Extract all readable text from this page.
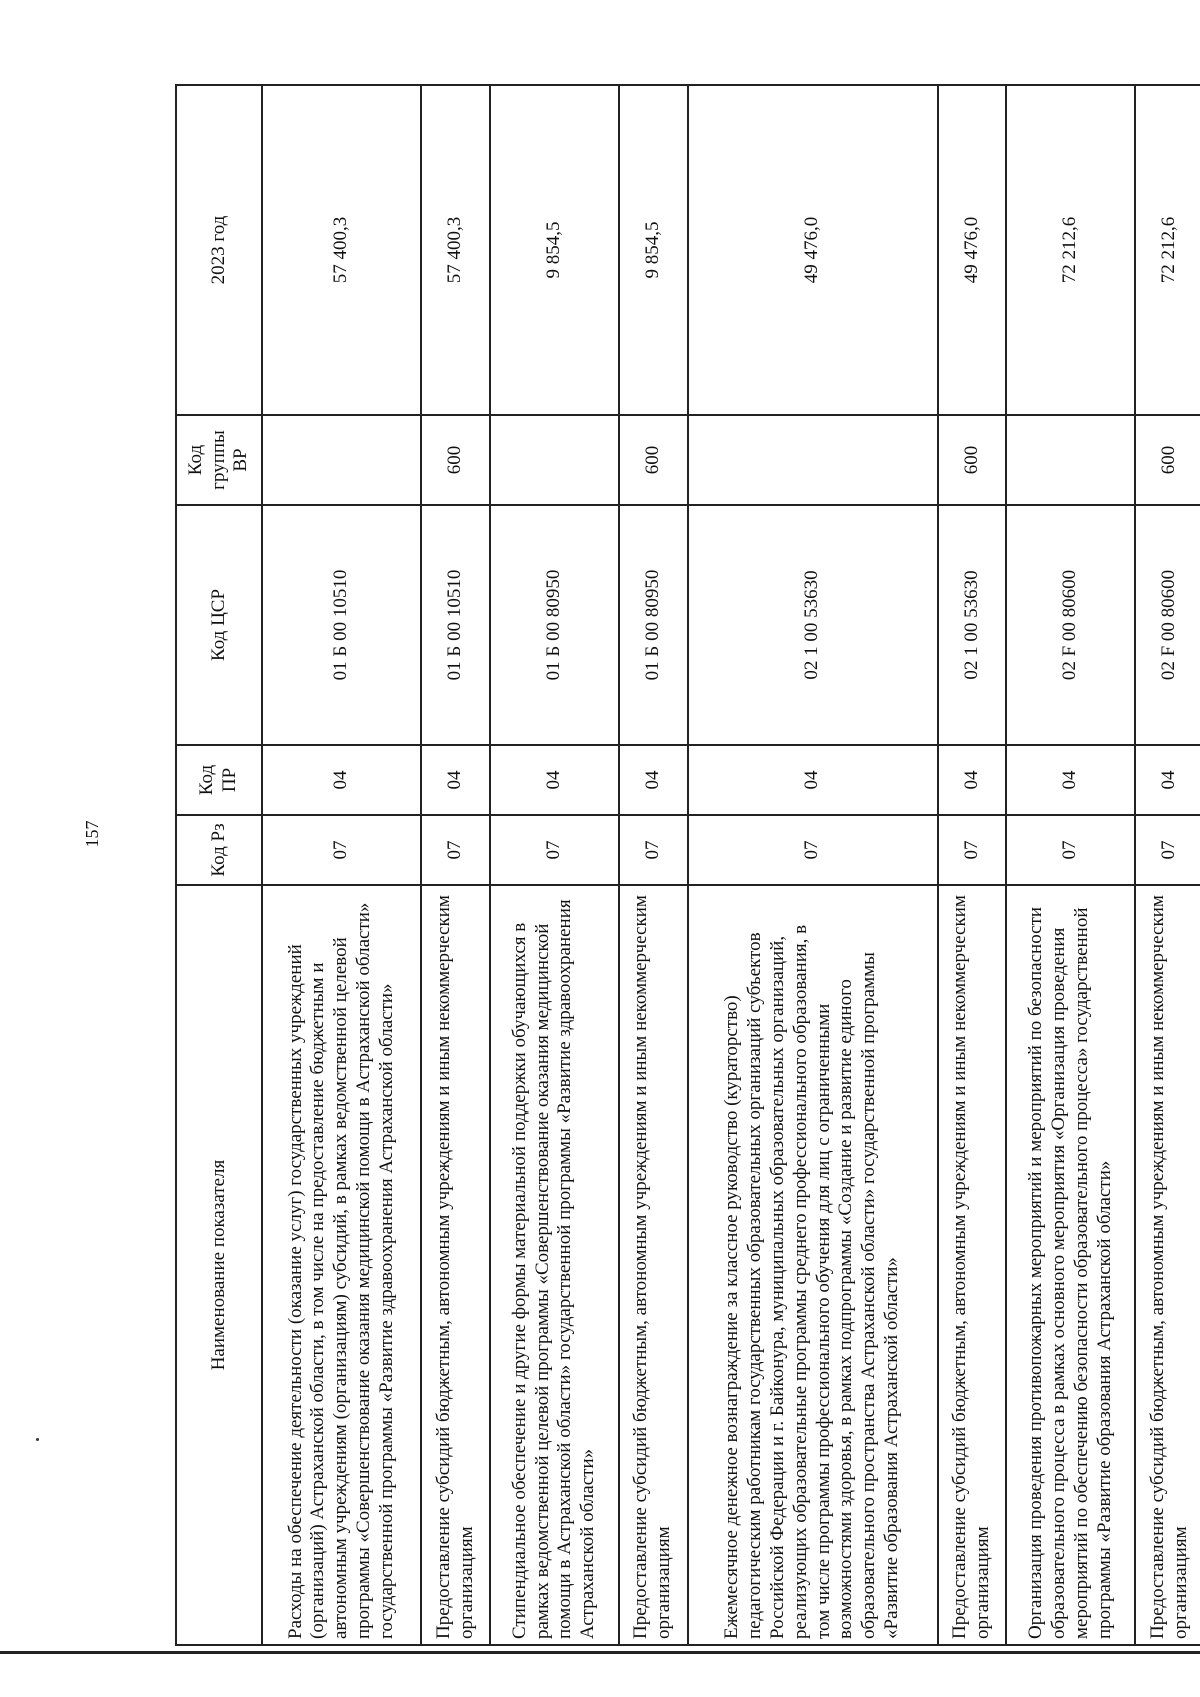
157
Наименование показателя	Код Рз	Код ПР	Код ЦСР	Код группы ВР	2023 год
Расходы на обеспечение деятельности (оказание услуг) государственных учреждений (организаций) Астраханской области, в том числе на предоставление бюджетным и автономным учреждениям (организациям) субсидий, в рамках ведомственной целевой программы «Совершенствование оказания медицинской помощи в Астраханской области» государственной программы «Развитие здравоохранения Астраханской области»	07	04	01 Б 00 10510		57 400,3
Предоставление субсидий бюджетным, автономным учреждениям и иным некоммерческим организациям	07	04	01 Б 00 10510	600	57 400,3
Стипендиальное обеспечение и другие формы материальной поддержки обучающихся в рамках ведомственной целевой программы «Совершенствование оказания медицинской помощи в Астраханской области» государственной программы «Развитие здравоохранения Астраханской области»	07	04	01 Б 00 80950		9 854,5
Предоставление субсидий бюджетным, автономным учреждениям и иным некоммерческим организациям	07	04	01 Б 00 80950	600	9 854,5
Ежемесячное денежное вознаграждение за классное руководство (кураторство) педагогическим работникам государственных образовательных организаций субъектов Российской Федерации и г. Байконура, муниципальных образовательных организаций, реализующих образовательные программы среднего профессионального образования, в том числе программы профессионального обучения для лиц с ограниченными возможностями здоровья, в рамках подпрограммы «Создание и развитие единого образовательного пространства Астраханской области» государственной программы «Развитие образования Астраханской области»	07	04	02 1 00 53630		49 476,0
Предоставление субсидий бюджетным, автономным учреждениям и иным некоммерческим организациям	07	04	02 1 00 53630	600	49 476,0
Организация проведения противопожарных мероприятий и мероприятий по безопасности образовательного процесса в рамках основного мероприятия «Организация проведения мероприятий по обеспечению безопасности образовательного процесса» государственной программы «Развитие образования Астраханской области»	07	04	02 F 00 80600		72 212,6
Предоставление субсидий бюджетным, автономным учреждениям и иным некоммерческим организациям	07	04	02 F 00 80600	600	72 212,6
